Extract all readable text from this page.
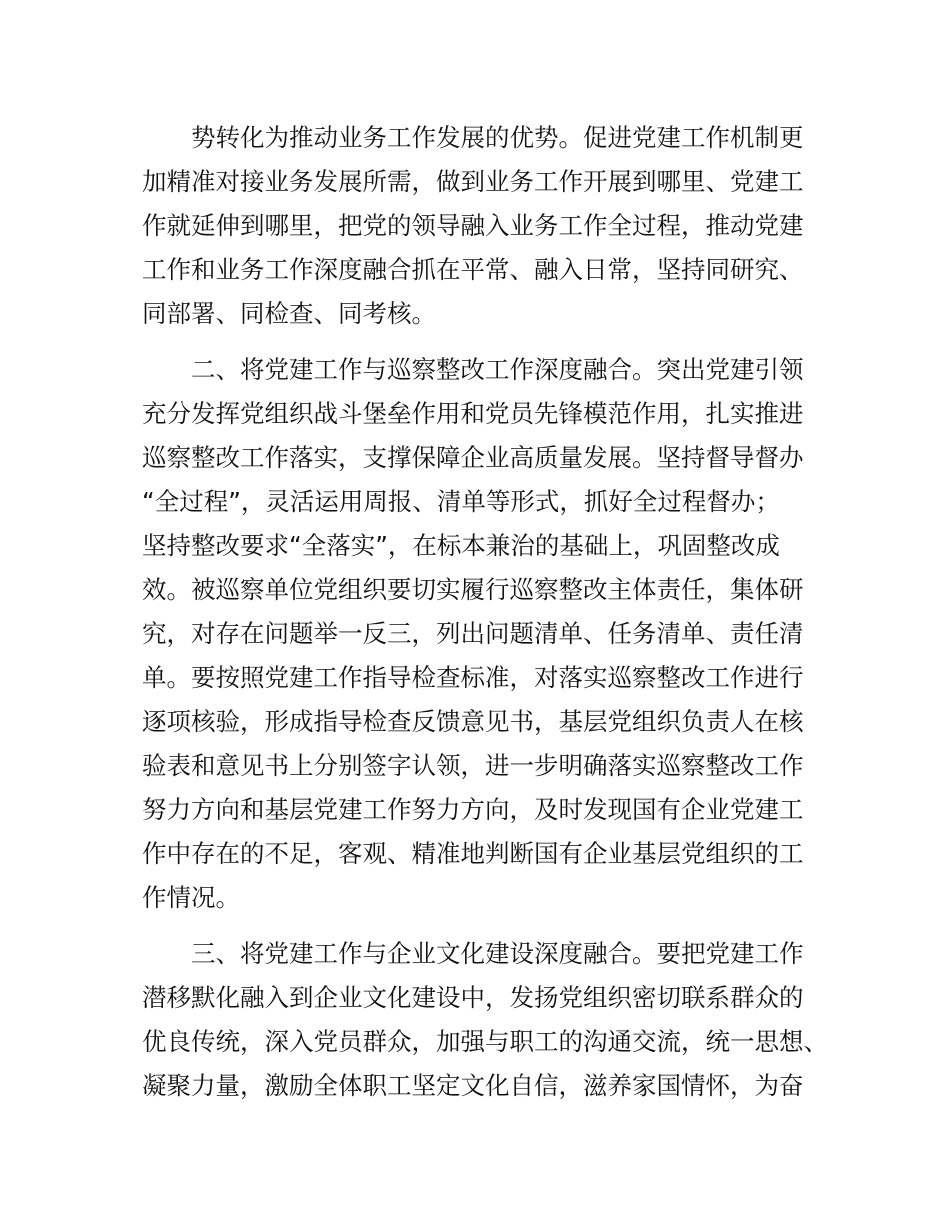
势转化为推动业务工作发展的优势。促进党建工作机制更
加精准对接业务发展所需，做到业务工作开展到哪里、党建工
作就延伸到哪里，把党的领导融入业务工作全过程，推动党建
工作和业务工作深度融合抓在平常、融入日常，坚持同研究、
同部署、同检查、同考核。
二、将党建工作与巡察整改工作深度融合。突出党建引领
充分发挥党组织战斗堡垒作用和党员先锋模范作用，扎实推进
巡察整改工作落实，支撑保障企业高质量发展。坚持督导督办
“全过程”，灵活运用周报、清单等形式，抓好全过程督办；
坚持整改要求“全落实”，在标本兼治的基础上，巩固整改成
效。被巡察单位党组织要切实履行巡察整改主体责任，集体研
究，对存在问题举一反三，列出问题清单、任务清单、责任清
单。要按照党建工作指导检查标准，对落实巡察整改工作进行
逐项核验，形成指导检查反馈意见书，基层党组织负责人在核
验表和意见书上分别签字认领，进一步明确落实巡察整改工作
努力方向和基层党建工作努力方向，及时发现国有企业党建工
作中存在的不足，客观、精准地判断国有企业基层党组织的工
作情况。
三、将党建工作与企业文化建设深度融合。要把党建工作
潜移默化融入到企业文化建设中，发扬党组织密切联系群众的
优良传统，深入党员群众，加强与职工的沟通交流，统一思想、
凝聚力量，激励全体职工坚定文化自信，滋养家国情怀，为奋
